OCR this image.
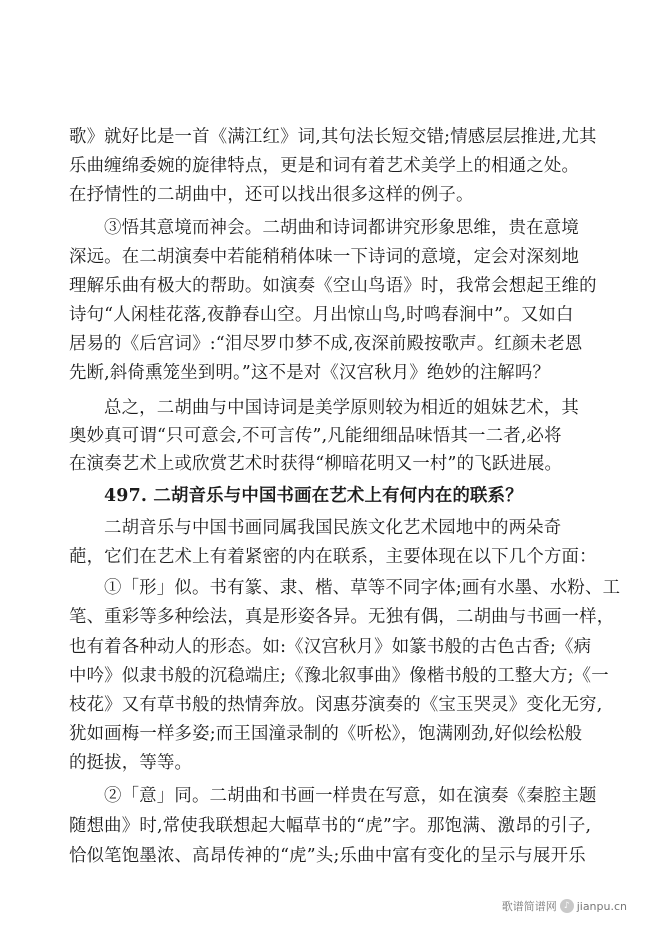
歌》就好比是一首《满江红》词,其句法长短交错;情感层层推进,尤其
乐曲缠绵委婉的旋律特点，更是和词有着艺术美学上的相通之处。
在抒情性的二胡曲中，还可以找出很多这样的例子。
③悟其意境而神会。二胡曲和诗词都讲究形象思维，贵在意境
深远。在二胡演奏中若能稍稍体味一下诗词的意境，定会对深刻地
理解乐曲有极大的帮助。如演奏《空山鸟语》时，我常会想起王维的
诗句“人闲桂花落,夜静春山空。月出惊山鸟,时鸣春涧中”。又如白
居易的《后宫词》:“泪尽罗巾梦不成,夜深前殿按歌声。红颜未老恩
先断,斜倚熏笼坐到明。”这不是对《汉宫秋月》绝妙的注解吗？
总之，二胡曲与中国诗词是美学原则较为相近的姐妹艺术，其
奥妙真可谓“只可意会,不可言传”,凡能细细品味悟其一二者,必将
在演奏艺术上或欣赏艺术时获得“柳暗花明又一村”的飞跃进展。
497. 二胡音乐与中国书画在艺术上有何内在的联系？
二胡音乐与中国书画同属我国民族文化艺术园地中的两朵奇
葩，它们在艺术上有着紧密的内在联系，主要体现在以下几个方面：
①「形」似。书有篆、隶、楷、草等不同字体;画有水墨、水粉、工
笔、重彩等多种绘法，真是形姿各异。无独有偶，二胡曲与书画一样，
也有着各种动人的形态。如:《汉宫秋月》如篆书般的古色古香;《病
中吟》似隶书般的沉稳端庄;《豫北叙事曲》像楷书般的工整大方;《一
枝花》又有草书般的热情奔放。闵惠芬演奏的《宝玉哭灵》变化无穷,
犹如画梅一样多姿;而王国潼录制的《听松》，饱满刚劲,好似绘松般
的挺拔，等等。
②「意」同。二胡曲和书画一样贵在写意，如在演奏《秦腔主题
随想曲》时,常使我联想起大幅草书的“虎”字。那饱满、激昂的引子,
恰似笔饱墨浓、高昂传神的“虎”头;乐曲中富有变化的呈示与展开乐
歌谱简谱网 ♪ jianpu.cn
